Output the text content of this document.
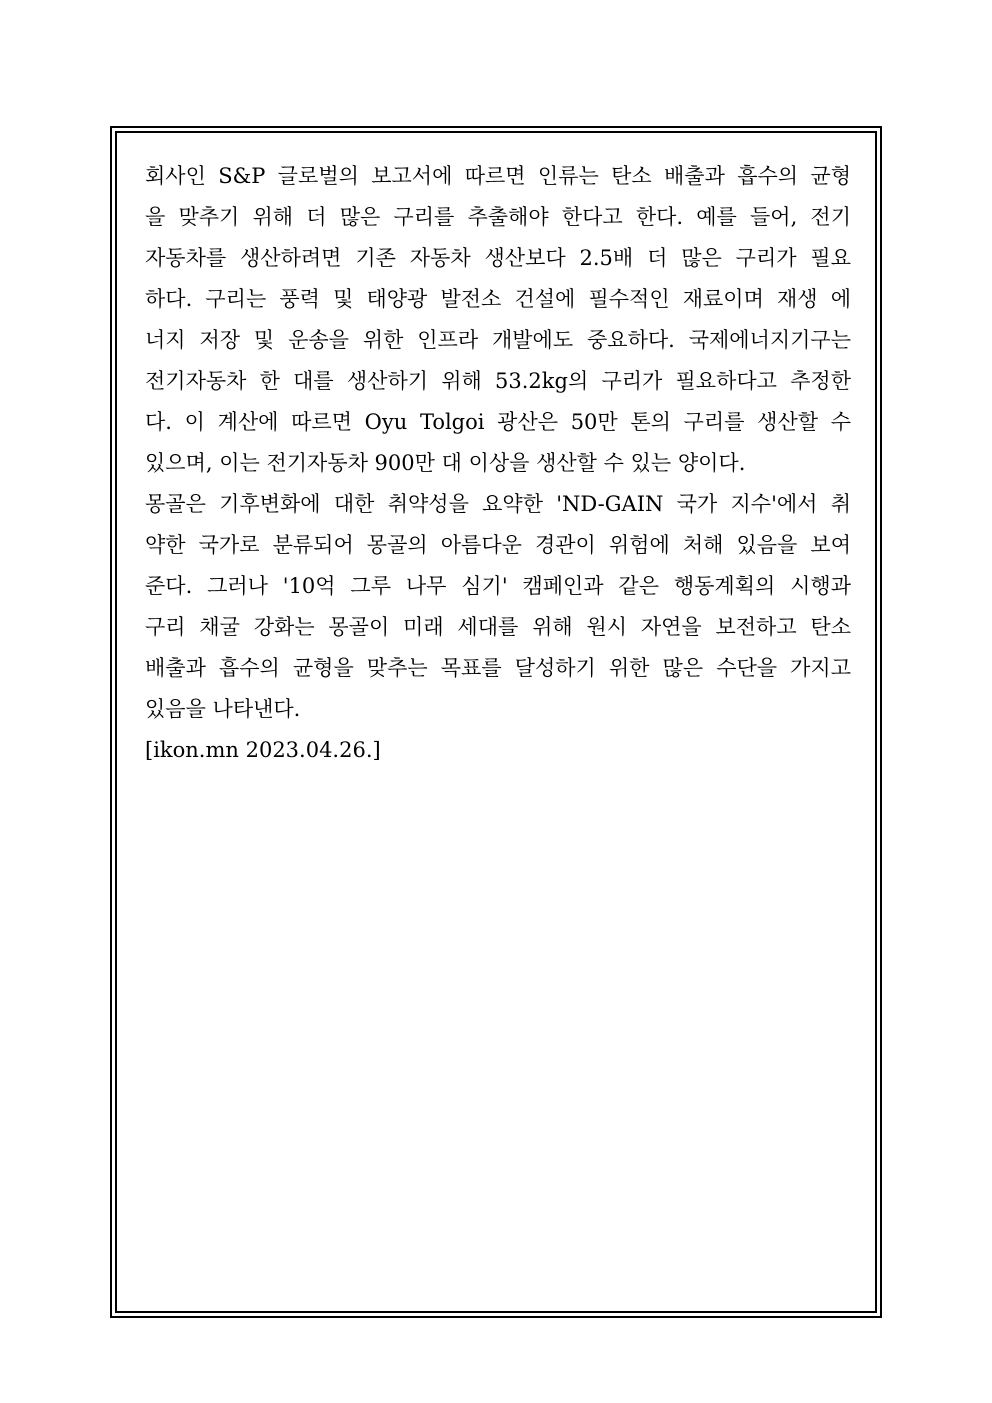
회사인 S&P 글로벌의 보고서에 따르면 인류는 탄소 배출과 흡수의 균형
을 맞추기 위해 더 많은 구리를 추출해야 한다고 한다. 예를 들어, 전기
자동차를 생산하려면 기존 자동차 생산보다 2.5배 더 많은 구리가 필요
하다. 구리는 풍력 및 태양광 발전소 건설에 필수적인 재료이며 재생 에
너지 저장 및 운송을 위한 인프라 개발에도 중요하다. 국제에너지기구는
전기자동차 한 대를 생산하기 위해 53.2kg의 구리가 필요하다고 추정한
다. 이 계산에 따르면 Oyu Tolgoi 광산은 50만 톤의 구리를 생산할 수
있으며, 이는 전기자동차 900만 대 이상을 생산할 수 있는 양이다.
몽골은 기후변화에 대한 취약성을 요약한 'ND-GAIN 국가 지수'에서 취
약한 국가로 분류되어 몽골의 아름다운 경관이 위험에 처해 있음을 보여
준다. 그러나 '10억 그루 나무 심기' 캠페인과 같은 행동계획의 시행과
구리 채굴 강화는 몽골이 미래 세대를 위해 원시 자연을 보전하고 탄소
배출과 흡수의 균형을 맞추는 목표를 달성하기 위한 많은 수단을 가지고
있음을 나타낸다.
[ikon.mn 2023.04.26.]
